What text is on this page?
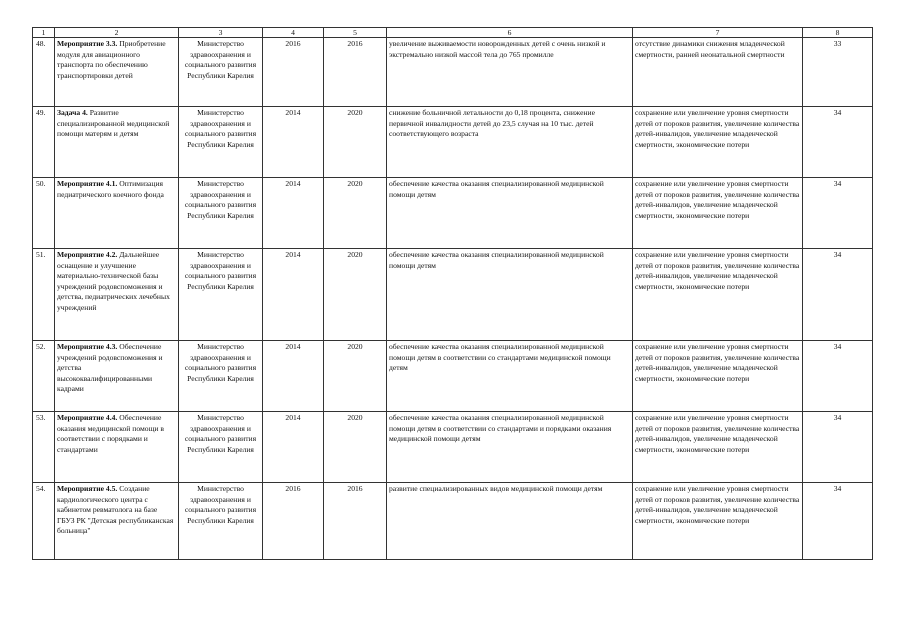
1	2	3	4	5	6	7	8
48.	Мероприятие 3.3. Приобретение модуля для авиационного транспорта по обеспечению транспортировки детей	Министерство здравоохранения и социального развития Республики Карелия	2016	2016	увеличение выживаемости новорожденных детей с очень низкой и экстремально низкой массой тела до 765 промилле	отсутствие динамики снижения младенческой смертности, ранней неонатальной смертности	33
49.	Задача 4. Развитие специализированной медицинской помощи матерям и детям	Министерство здравоохранения и социального развития Республики Карелия	2014	2020	снижение больничной летальности до 0,18 процента, снижение первичной инвалидности детей до 23,5 случая на 10 тыс. детей соответствующего возраста	сохранение или увеличение уровня смертности детей от пороков развития, увеличение количества детей-инвалидов, увеличение младенческой смертности, экономические потери	34
50.	Мероприятие 4.1. Оптимизация педиатрического коечного фонда	Министерство здравоохранения и социального развития Республики Карелия	2014	2020	обеспечение качества оказания специализированной медицинской помощи детям	сохранение или увеличение уровня смертности детей от пороков развития, увеличение количества детей-инвалидов, увеличение младенческой смертности, экономические потери	34
51.	Мероприятие 4.2. Дальнейшее оснащение и улучшение материально-технической базы учреждений родовспоможения и детства, педиатрических лечебных учреждений	Министерство здравоохранения и социального развития Республики Карелия	2014	2020	обеспечение качества оказания специализированной медицинской помощи детям	сохранение или увеличение уровня смертности детей от пороков развития, увеличение количества детей-инвалидов, увеличение младенческой смертности, экономические потери	34
52.	Мероприятие 4.3. Обеспечение учреждений родовспоможения и детства высококвалифицированными кадрами	Министерство здравоохранения и социального развития Республики Карелия	2014	2020	обеспечение качества оказания специализированной медицинской помощи детям в соответствии со стандартами медицинской помощи детям	сохранение или увеличение уровня смертности детей от пороков развития, увеличение количества детей-инвалидов, увеличение младенческой смертности, экономические потери	34
53.	Мероприятие 4.4. Обеспечение оказания медицинской помощи в соответствии с порядками и стандартами	Министерство здравоохранения и социального развития Республики Карелия	2014	2020	обеспечение качества оказания специализированной медицинской помощи детям в соответствии со стандартами и порядками оказания медицинской помощи детям	сохранение или увеличение уровня смертности детей от пороков развития, увеличение количества детей-инвалидов, увеличение младенческой смертности, экономические потери	34
54.	Мероприятие 4.5. Создание кардиологического центра с кабинетом ревматолога на базе ГБУЗ РК "Детская республиканская больница"	Министерство здравоохранения и социального развития Республики Карелия	2016	2016	развитие специализированных видов медицинской помощи детям	сохранение или увеличение уровня смертности детей от пороков развития, увеличение количества детей-инвалидов, увеличение младенческой смертности, экономические потери	34
